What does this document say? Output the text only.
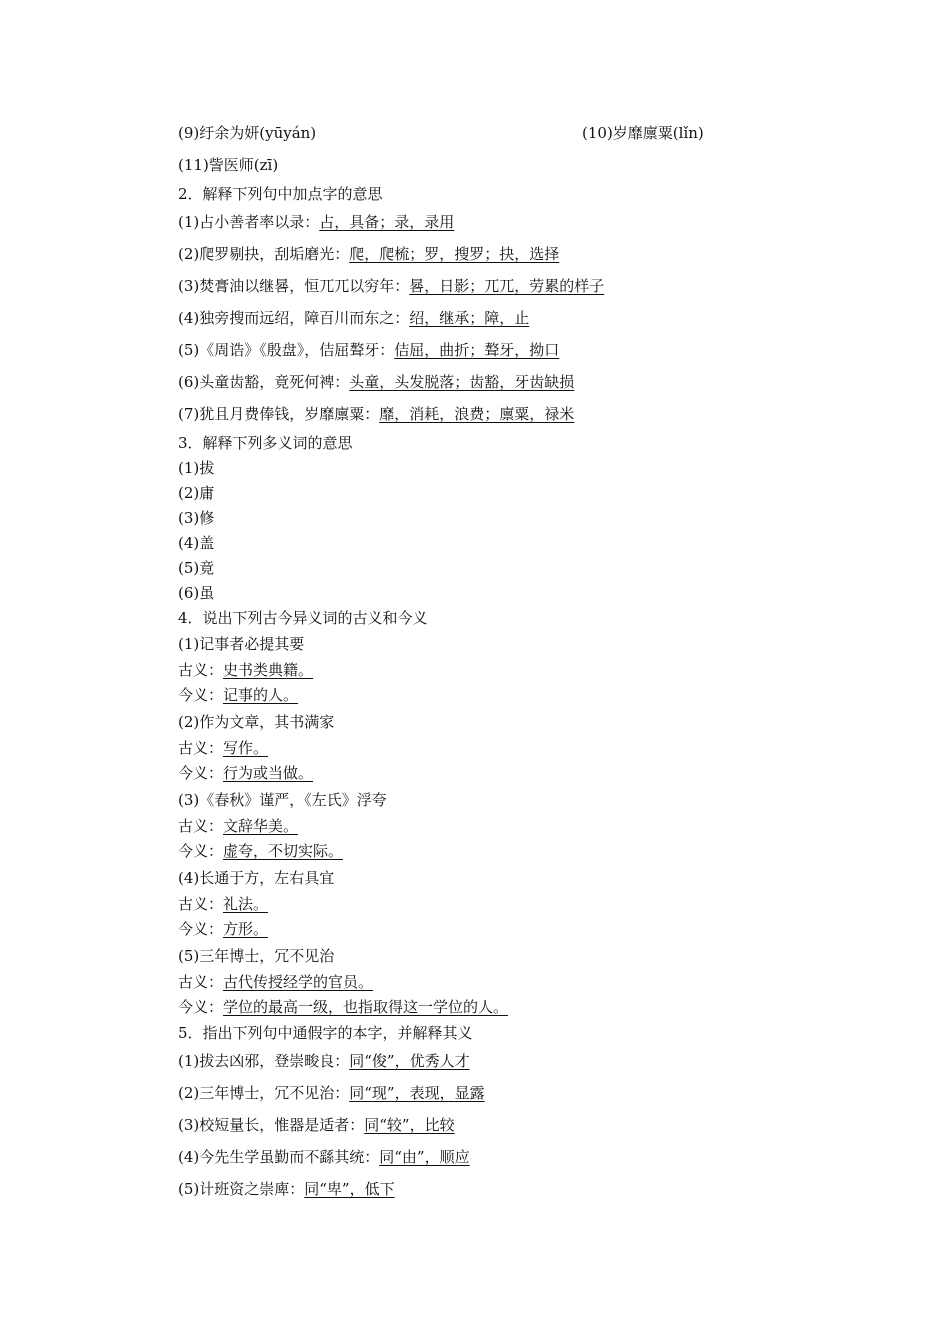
(9)纡余为妍(yūyán)	(10)岁靡廪粟(lǐn)
(11)訾医师(zī)
2．解释下列句中加点字的意思
(1)占小善者率以录：占，具备；录，录用
(2)爬罗剔抉，刮垢磨光：爬，爬梳；罗，搜罗；抉，选择
(3)焚膏油以继晷，恒兀兀以穷年：晷，日影；兀兀，劳累的样子
(4)独旁搜而远绍，障百川而东之：绍，继承；障，止
(5)《周诰》《殷盘》，佶屈聱牙：佶屈，曲折；聱牙，拗口
(6)头童齿豁，竟死何裨：头童，头发脱落；齿豁，牙齿缺损
(7)犹且月费俸钱，岁靡廪粟：靡，消耗，浪费；廪粟，禄米
3．解释下列多义词的意思
(1)拔
(2)庸
(3)修
(4)盖
(5)竟
(6)虽
4．说出下列古今异义词的古义和今义
(1)记事者必提其要
古义：史书类典籍。
今义：记事的人。
(2)作为文章，其书满家
古义：写作。
今义：行为或当做。
(3)《春秋》谨严，《左氏》浮夸
古义：文辞华美。
今义：虚夸，不切实际。
(4)长通于方，左右具宜
古义：礼法。
今义：方形。
(5)三年博士，冗不见治
古义：古代传授经学的官员。
今义：学位的最高一级，也指取得这一学位的人。
5．指出下列句中通假字的本字，并解释其义
(1)拔去凶邪，登崇畯良：同“俊”，优秀人才
(2)三年博士，冗不见治：同“现”，表现，显露
(3)校短量长，惟器是适者：同“较”，比较
(4)今先生学虽勤而不繇其统：同“由”，顺应
(5)计班资之崇庳：同“卑”，低下
